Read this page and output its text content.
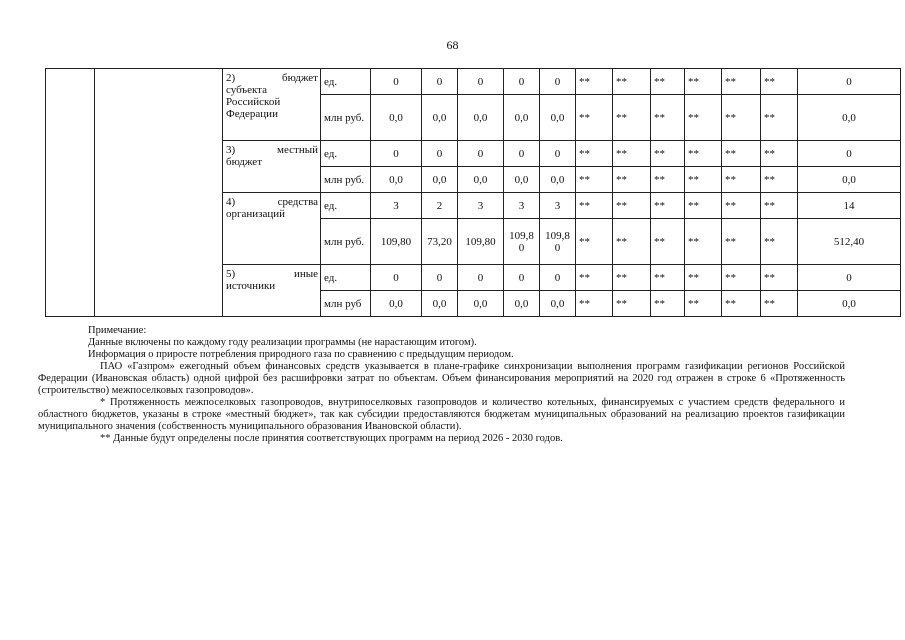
68

		2) бюджет
субъекта
Российской
Федерации	ед.	0	0	0	0	0	**	**	**	**	**	**	0
			млн руб.	0,0	0,0	0,0	0,0	0,0	**	**	**	**	**	**	0,0

		3) местный
бюджет	ед.	0	0	0	0	0	**	**	**	**	**	**	0
			млн руб.	0,0	0,0	0,0	0,0	0,0	**	**	**	**	**	**	0,0

		4) средства
организаций	ед.	3	2	3	3	3	**	**	**	**	**	**	14
			млн руб.	109,80	73,20	109,80	109,8 0	109,8 0	**	**	**	**	**	**	512,40

		5) иные
источники	ед.	0	0	0	0	0	**	**	**	**	**	**	0
			млн руб	0,0	0,0	0,0	0,0	0,0	**	**	**	**	**	**	0,0

Примечание:

Данные включены по каждому году реализации программы (не нарастающим итогом).

Информация о приросте потребления природного газа по сравнению с предыдущим периодом.

ПАО «Газпром» ежегодный объем финансовых средств указывается в плане-графике синхронизации выполнения программ газификации регионов Российской Федерации (Ивановская область) одной цифрой без расшифровки затрат по объектам. Объем финансирования мероприятий на 2020 год отражен в строке 6 «Протяженность (строительство) межпоселковых газопроводов».

* Протяженность межпоселковых газопроводов, внутрипоселковых газопроводов и количество котельных, финансируемых с участием средств федерального и областного бюджетов, указаны в строке «местный бюджет», так как субсидии предоставляются бюджетам муниципальных образований на реализацию проектов газификации муниципального значения (собственность муниципального образования Ивановской области).

** Данные будут определены после принятия соответствующих программ на период 2026 - 2030 годов.
